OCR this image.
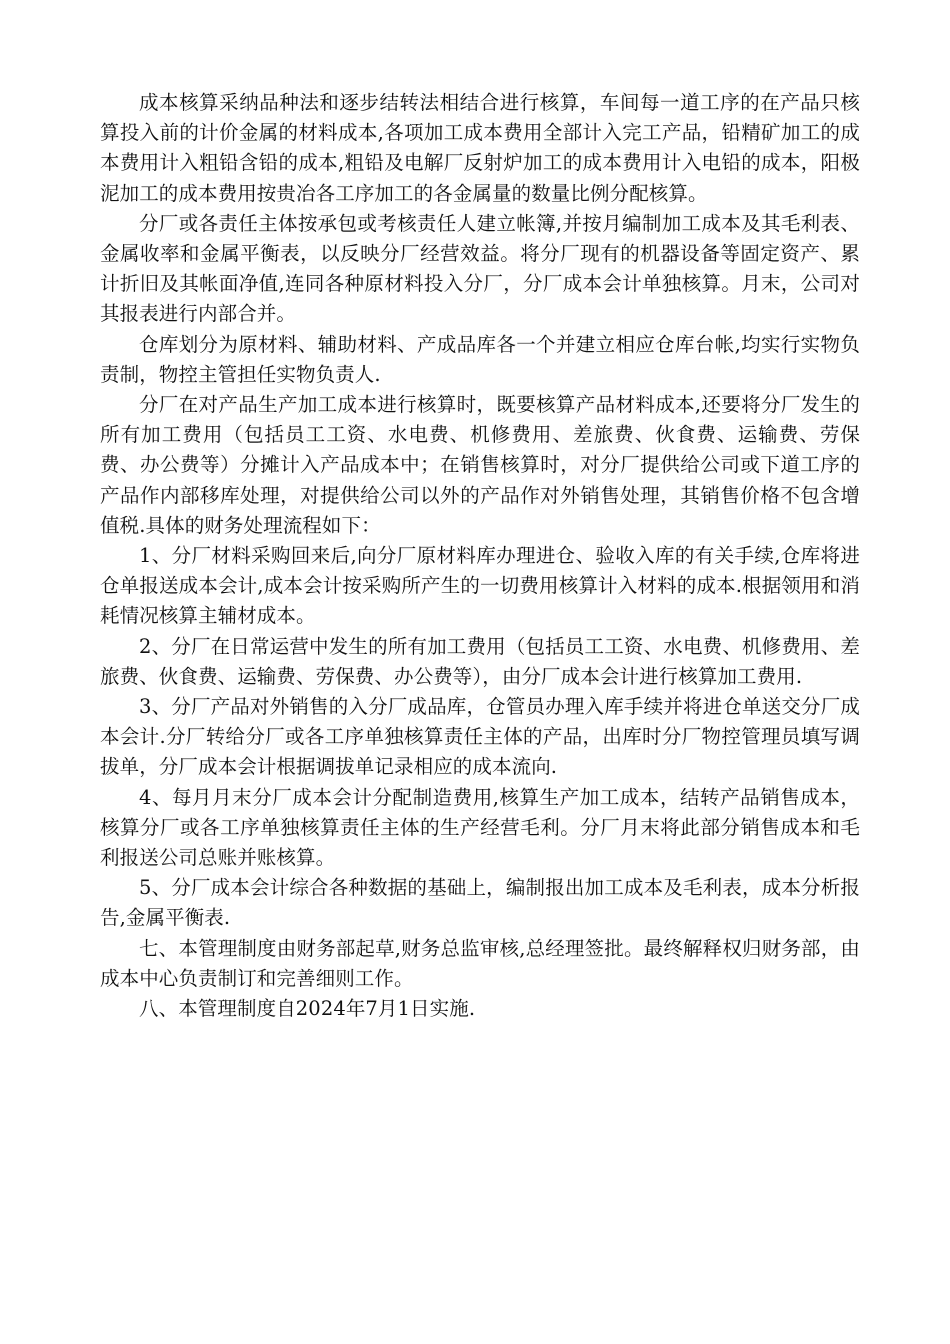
成本核算采纳品种法和逐步结转法相结合进行核算，车间每一道工序的在产品只核算投入前的计价金属的材料成本,各项加工成本费用全部计入完工产品，铅精矿加工的成本费用计入粗铅含铅的成本,粗铅及电解厂反射炉加工的成本费用计入电铅的成本，阳极泥加工的成本费用按贵冶各工序加工的各金属量的数量比例分配核算。

分厂或各责任主体按承包或考核责任人建立帐簿,并按月编制加工成本及其毛利表、金属收率和金属平衡表，以反映分厂经营效益。将分厂现有的机器设备等固定资产、累计折旧及其帐面净值,连同各种原材料投入分厂，分厂成本会计单独核算。月末，公司对其报表进行内部合并。

仓库划分为原材料、辅助材料、产成品库各一个并建立相应仓库台帐,均实行实物负责制，物控主管担任实物负责人.

分厂在对产品生产加工成本进行核算时，既要核算产品材料成本,还要将分厂发生的所有加工费用（包括员工工资、水电费、机修费用、差旅费、伙食费、运输费、劳保费、办公费等）分摊计入产品成本中；在销售核算时，对分厂提供给公司或下道工序的产品作内部移库处理，对提供给公司以外的产品作对外销售处理，其销售价格不包含增值税.具体的财务处理流程如下：

1、分厂材料采购回来后,向分厂原材料库办理进仓、验收入库的有关手续,仓库将进仓单报送成本会计,成本会计按采购所产生的一切费用核算计入材料的成本.根据领用和消耗情况核算主辅材成本。

2、分厂在日常运营中发生的所有加工费用（包括员工工资、水电费、机修费用、差旅费、伙食费、运输费、劳保费、办公费等），由分厂成本会计进行核算加工费用.

3、分厂产品对外销售的入分厂成品库，仓管员办理入库手续并将进仓单送交分厂成本会计.分厂转给分厂或各工序单独核算责任主体的产品，出库时分厂物控管理员填写调拔单，分厂成本会计根据调拔单记录相应的成本流向.

4、每月月末分厂成本会计分配制造费用,核算生产加工成本，结转产品销售成本，核算分厂或各工序单独核算责任主体的生产经营毛利。分厂月末将此部分销售成本和毛利报送公司总账并账核算。

5、分厂成本会计综合各种数据的基础上，编制报出加工成本及毛利表，成本分析报告,金属平衡表.

七、本管理制度由财务部起草,财务总监审核,总经理签批。最终解释权归财务部，由成本中心负责制订和完善细则工作。

八、本管理制度自2024年7月1日实施.
